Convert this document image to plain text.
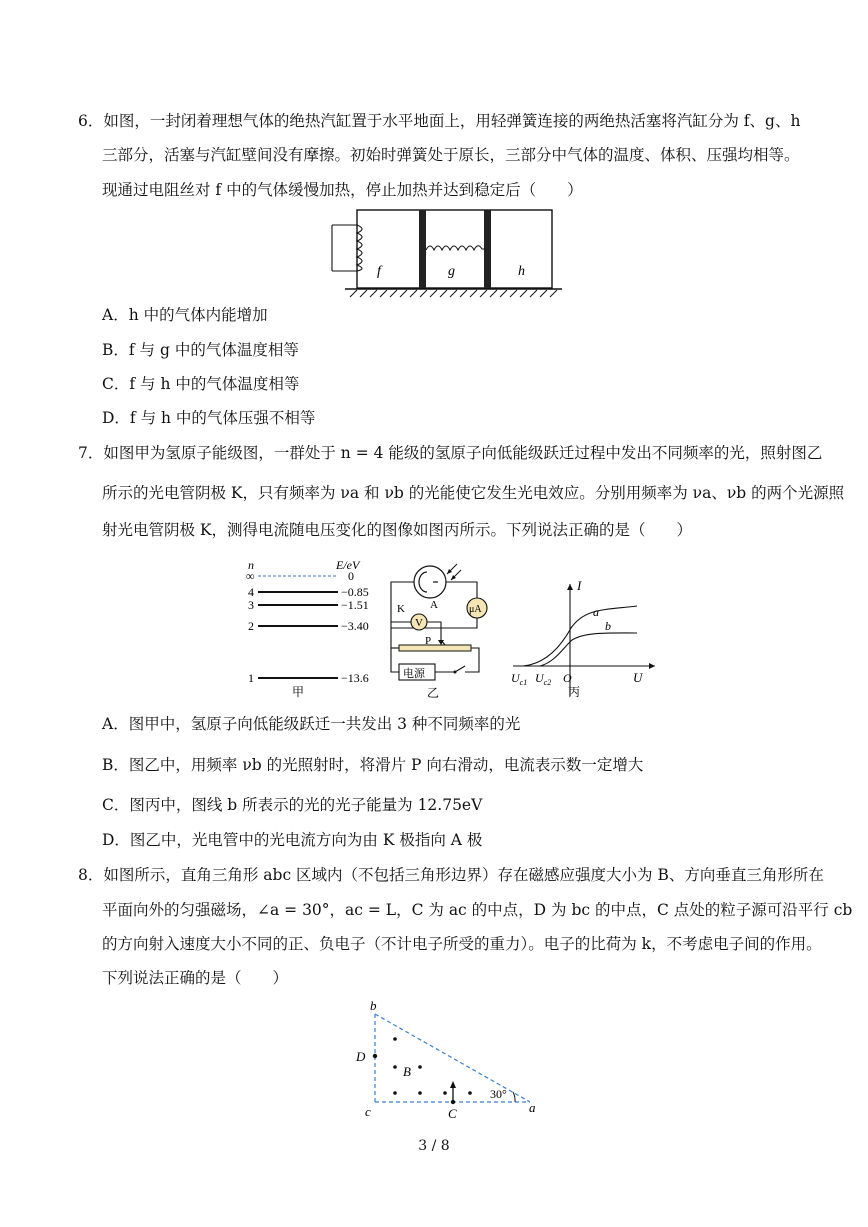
6．如图，一封闭着理想气体的绝热汽缸置于水平地面上，用轻弹簧连接的两绝热活塞将汽缸分为 f、g、h
三部分，活塞与汽缸壁间没有摩擦。初始时弹簧处于原长，三部分中气体的温度、体积、压强均相等。
现通过电阻丝对 f 中的气体缓慢加热，停止加热并达到稳定后（　　）
f	g	h
A．h 中的气体内能增加
B．f 与 g 中的气体温度相等
C．f 与 h 中的气体温度相等
D．f 与 h 中的气体压强不相等
7．如图甲为氢原子能级图，一群处于 n = 4 能级的氢原子向低能级跃迁过程中发出不同频率的光，照射图乙
所示的光电管阴极 K，只有频率为 νa 和 νb 的光能使它发生光电效应。分别用频率为 νa、νb 的两个光源照
射光电管阴极 K，测得电流随电压变化的图像如图丙所示。下列说法正确的是（　　）
n	E/eV
∞
4
3
2
1
0
−0.85
−1.51
−3.40
−13.6
甲
μA
V
P
电源
K A
乙
I
U
O
$U_{c1}$ $U_{c2}$
a
b
丙
A．图甲中，氢原子向低能级跃迁一共发出 3 种不同频率的光
B．图乙中，用频率 νb 的光照射时，将滑片 P 向右滑动，电流表示数一定增大
C．图丙中，图线 b 所表示的光的光子能量为 12.75eV
D．图乙中，光电管中的光电流方向为由 K 极指向 A 极
8．如图所示，直角三角形 abc 区域内（不包括三角形边界）存在磁感应强度大小为 B、方向垂直三角形所在
平面向外的匀强磁场，∠a = 30°，ac = L，C 为 ac 的中点，D 为 bc 的中点，C 点处的粒子源可沿平行 cb
的方向射入速度大小不同的正、负电子（不计电子所受的重力）。电子的比荷为 k，不考虑电子间的作用。
下列说法正确的是（　　）
b
c	a
D
C
B
30°
3 / 8
